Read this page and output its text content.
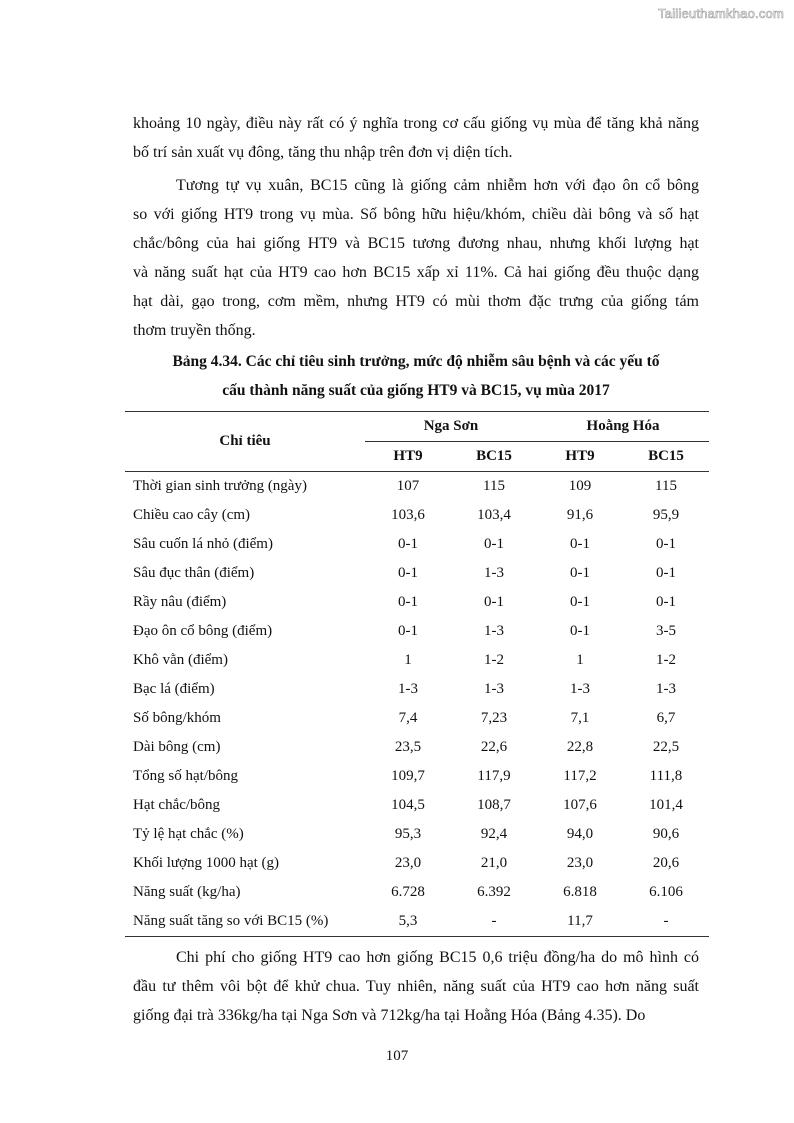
Tailieuthamkhao.com

khoảng 10 ngày, điều này rất có ý nghĩa trong cơ cấu giống vụ mùa để tăng khả năng
bố trí sản xuất vụ đông, tăng thu nhập trên đơn vị diện tích.

Tương tự vụ xuân, BC15 cũng là giống cảm nhiễm hơn với đạo ôn cổ bông
so với giống HT9 trong vụ mùa. Số bông hữu hiệu/khóm, chiều dài bông và số hạt
chắc/bông của hai giống HT9 và BC15 tương đương nhau, nhưng khối lượng hạt
và năng suất hạt của HT9 cao hơn BC15 xấp xỉ 11%. Cả hai giống đều thuộc dạng
hạt dài, gạo trong, cơm mềm, nhưng HT9 có mùi thơm đặc trưng của giống tám
thơm truyền thống.

Bảng 4.34. Các chỉ tiêu sinh trưởng, mức độ nhiễm sâu bệnh và các yếu tố
cấu thành năng suất của giống HT9 và BC15, vụ mùa 2017

Chỉ tiêu	Nga Sơn		Hoằng Hóa	
	HT9	BC15	HT9	BC15
Thời gian sinh trưởng (ngày)	107	115	109	115
Chiều cao cây (cm)	103,6	103,4	91,6	95,9
Sâu cuốn lá nhỏ (điểm)	0-1	0-1	0-1	0-1
Sâu đục thân (điểm)	0-1	1-3	0-1	0-1
Rầy nâu (điểm)	0-1	0-1	0-1	0-1
Đạo ôn cổ bông (điểm)	0-1	1-3	0-1	3-5
Khô vằn (điểm)	1	1-2	1	1-2
Bạc lá (điểm)	1-3	1-3	1-3	1-3
Số bông/khóm	7,4	7,23	7,1	6,7
Dài bông (cm)	23,5	22,6	22,8	22,5
Tổng số hạt/bông	109,7	117,9	117,2	111,8
Hạt chắc/bông	104,5	108,7	107,6	101,4
Tỷ lệ hạt chắc (%)	95,3	92,4	94,0	90,6
Khối lượng 1000 hạt (g)	23,0	21,0	23,0	20,6
Năng suất (kg/ha)	6.728	6.392	6.818	6.106
Năng suất tăng so với BC15 (%)	5,3	-	11,7	-

Chi phí cho giống HT9 cao hơn giống BC15 0,6 triệu đồng/ha do mô hình có
đầu tư thêm vôi bột để khử chua. Tuy nhiên, năng suất của HT9 cao hơn năng suất
giống đại trà 336kg/ha tại Nga Sơn và 712kg/ha tại Hoằng Hóa (Bảng 4.35). Do

107
